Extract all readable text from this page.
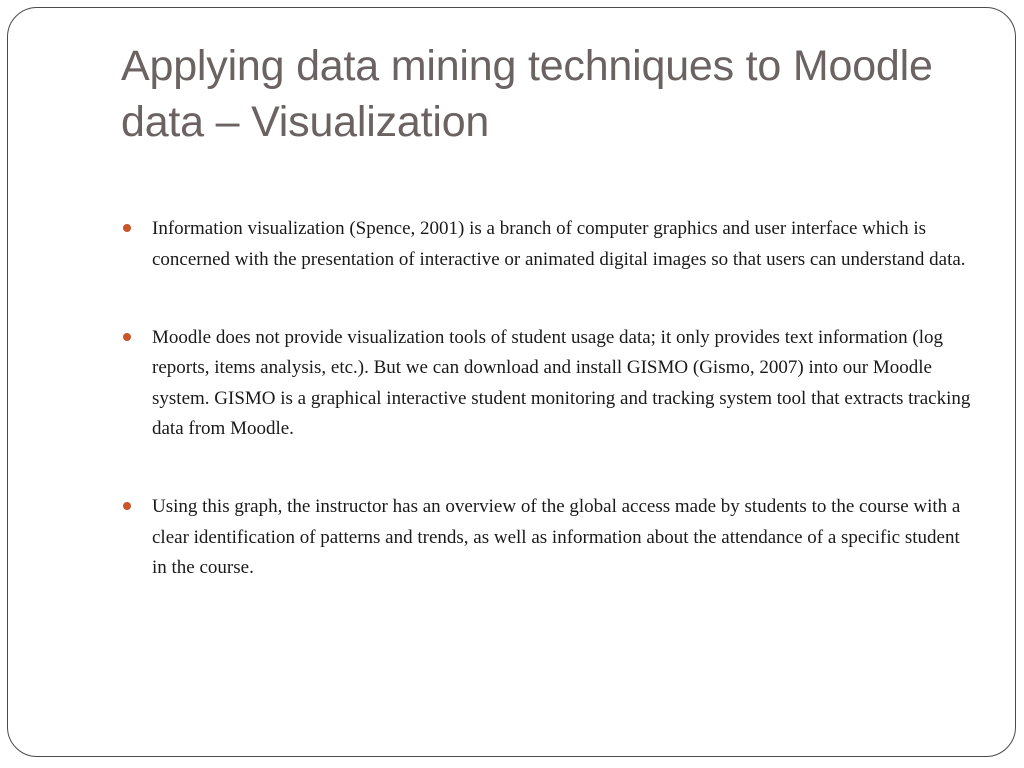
Applying data mining techniques to Moodle data – Visualization
Information visualization (Spence, 2001) is a branch of computer graphics and user interface which is concerned with the presentation of interactive or animated digital images so that users can understand data.
Moodle does not provide visualization tools of student usage data; it only provides text information (log reports, items analysis, etc.). But we can download and install GISMO (Gismo, 2007) into our Moodle system. GISMO is a graphical interactive student monitoring and tracking system tool that extracts tracking data from Moodle.
Using this graph, the instructor has an overview of the global access made by students to the course with a clear identification of patterns and trends, as well as information about the attendance of a specific student in the course.
